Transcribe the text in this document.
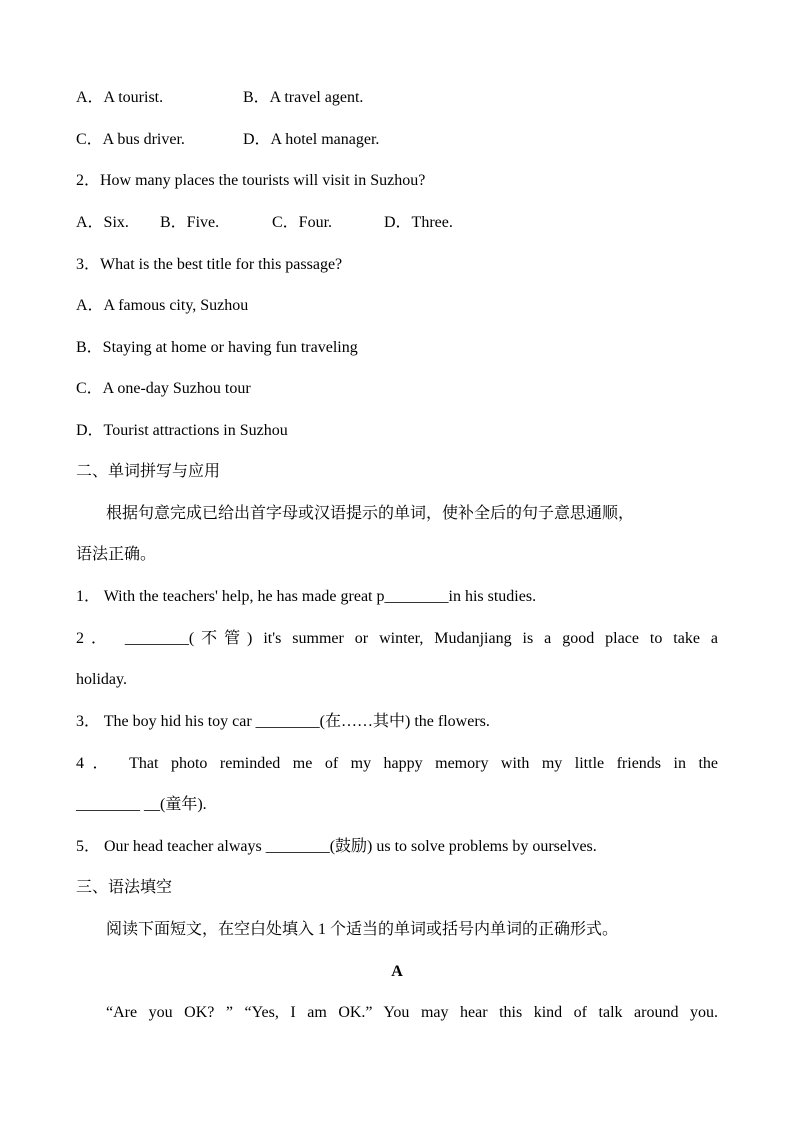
A．A tourist.	B．A travel agent.
C．A bus driver.	D．A hotel manager.
2．How many places the tourists will visit in Suzhou?
A．Six. B．Five.	C．Four.	D．Three.
3．What is the best title for this passage?
A．A famous city, Suzhou
B．Staying at home or having fun traveling
C．A one-day Suzhou tour
D．Tourist attractions in Suzhou
二、单词拼写与应用
根据句意完成已给出首字母或汉语提示的单词，使补全后的句子意思通顺，
语法正确。
1． With the teachers' help, he has made great p________in his studies.
2． ________(不管) it's summer or winter, Mudanjiang is a good place to take a
holiday.
3． The boy hid his toy car ________(在……其中) the flowers.
4． That photo reminded me of my happy memory with my little friends in the
________ __(童年).
5． Our head teacher always ________(鼓励) us to solve problems by ourselves.
三、语法填空
阅读下面短文，在空白处填入 1 个适当的单词或括号内单词的正确形式。
A
“Are you OK? ” “Yes, I am OK.” You may hear this kind of talk around you.
